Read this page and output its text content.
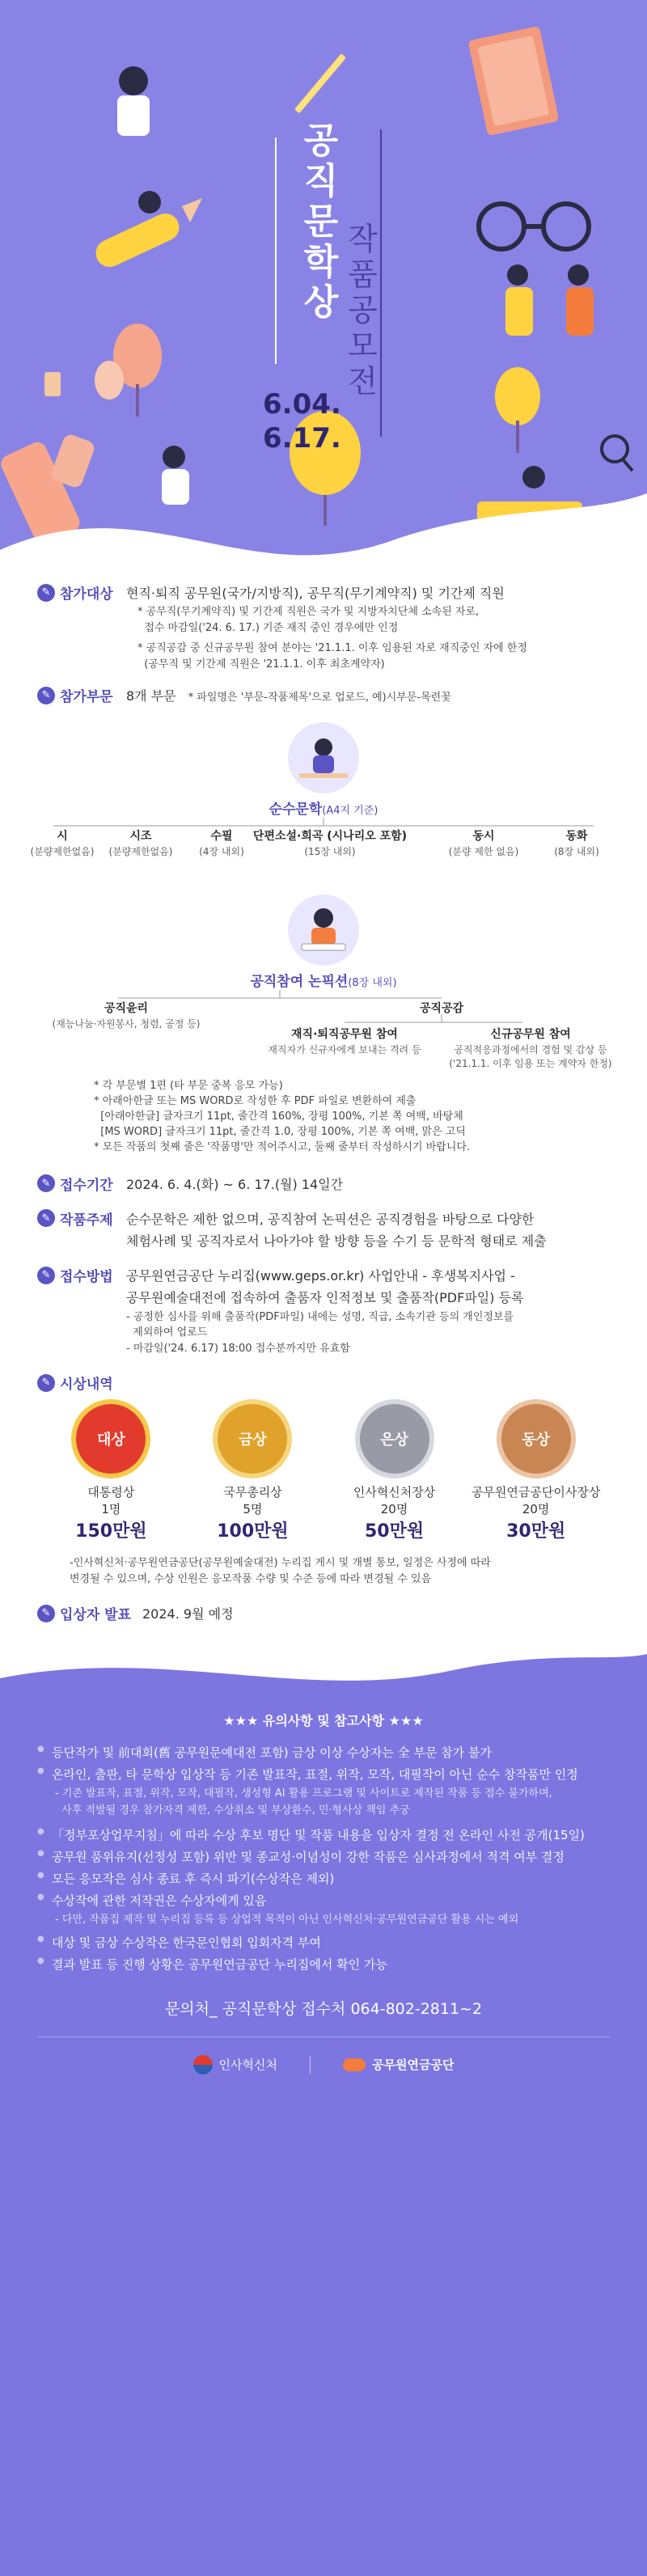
공직문학상 작품공모전
6.04.
6.17.
✎ 참가대상 현직·퇴직 공무원(국가/지방직), 공무직(무기계약직) 및 기간제 직원
* 공무직(무기계약직) 및 기간제 직원은 국가 및 지방자치단체 소속된 자로,
접수 마감일('24. 6. 17.) 기준 재직 중인 경우에만 인정
* 공직공감 중 신규공무원 참여 분야는 '21.1.1. 이후 임용된 자로 재직중인 자에 한정
(공무직 및 기간제 직원은 '21.1.1. 이후 최초계약자)
✎ 참가부문 8개 부문 * 파일명은 '부문-작품제목'으로 업로드, 예)시부문-목련꽃
순수문학(A4지 기준)
시
(분량제한없음)
시조
(분량제한없음)
수필
(4장 내외)
단편소설·희곡 (시나리오 포함)
(15장 내외)
동시
(분량 제한 없음)
동화
(8장 내외)
공직참여 논픽션(8장 내외)
공직윤리
(재능나눔·자원봉사, 청렴, 공정 등)
공직공감
재직·퇴직공무원 참여
재직자가 신규자에게 보내는 격려 등
신규공무원 참여
공직적응과정에서의 경험 및 감상 등
('21.1.1. 이후 임용 또는 계약자 한정)
* 각 부문별 1편 (타 부문 중복 응모 가능)
* 아래아한글 또는 MS WORD로 작성한 후 PDF 파일로 변환하여 제출
[아래아한글] 글자크기 11pt, 줄간격 160%, 장평 100%, 기본 쪽 여백, 바탕체
[MS WORD] 글자크기 11pt, 줄간격 1.0, 장평 100%, 기본 쪽 여백, 맑은 고딕
* 모든 작품의 첫째 줄은 '작품명'만 적어주시고, 둘째 줄부터 작성하시기 바랍니다.
✎ 접수기간 2024. 6. 4.(화) ~ 6. 17.(월) 14일간
✎ 작품주제 순수문학은 제한 없으며, 공직참여 논픽션은 공직경험을 바탕으로 다양한
체험사례 및 공직자로서 나아가야 할 방향 등을 수기 등 문학적 형태로 제출
✎ 접수방법 공무원연금공단 누리집(www.geps.or.kr) 사업안내 - 후생복지사업 -
공무원예술대전에 접속하여 출품자 인적정보 및 출품작(PDF파일) 등록
- 공정한 심사를 위해 출품작(PDF파일) 내에는 성명, 직급, 소속기관 등의 개인정보를
제외하여 업로드
- 마감일('24. 6.17) 18:00 접수분까지만 유효함
✎ 시상내역
대상
대통령상
1명
150만원

금상
국무총리상
5명
100만원

은상
인사혁신처장상
20명
50만원

동상
공무원연금공단이사장상
20명
30만원
-인사혁신처·공무원연금공단(공무원예술대전) 누리집 게시 및 개별 통보, 일정은 사정에 따라
변경될 수 있으며, 수상 인원은 응모작품 수량 및 수준 등에 따라 변경될 수 있음
✎ 입상자 발표 2024. 9월 예정
★★★ 유의사항 및 참고사항 ★★★
● 등단작가 및 前대회(舊 공무원문예대전 포함) 금상 이상 수상자는 全 부문 참가 불가
● 온라인, 출판, 타 문학상 입상작 등 기존 발표작, 표절, 위작, 모작, 대필작이 아닌 순수 창작품만 인정
- 기존 발표작, 표절, 위작, 모작, 대필작, 생성형 AI 활용 프로그램 및 사이트로 제작된 작품 등 접수 불가하며,
사후 적발될 경우 참가자격 제한, 수상취소 및 부상환수, 민·형사상 책임 추궁
● 「정부포상업무지침」에 따라 수상 후보 명단 및 작품 내용을 입상자 결정 전 온라인 사전 공개(15일)
● 공무원 품위유지(선정성 포함) 위반 및 종교성·이념성이 강한 작품은 심사과정에서 적격 여부 결정
● 모든 응모작은 심사 종료 후 즉시 파기(수상작은 제외)
● 수상작에 관한 저작권은 수상자에게 있음
- 다만, 작품집 제작 및 누리집 등록 등 상업적 목적이 아닌 인사혁신처·공무원연금공단 활용 시는 예외
● 대상 및 금상 수상작은 한국문인협회 입회자격 부여
● 결과 발표 등 진행 상황은 공무원연금공단 누리집에서 확인 가능
문의처_ 공직문학상 접수처 064-802-2811~2
인사혁신처	공무원연금공단
